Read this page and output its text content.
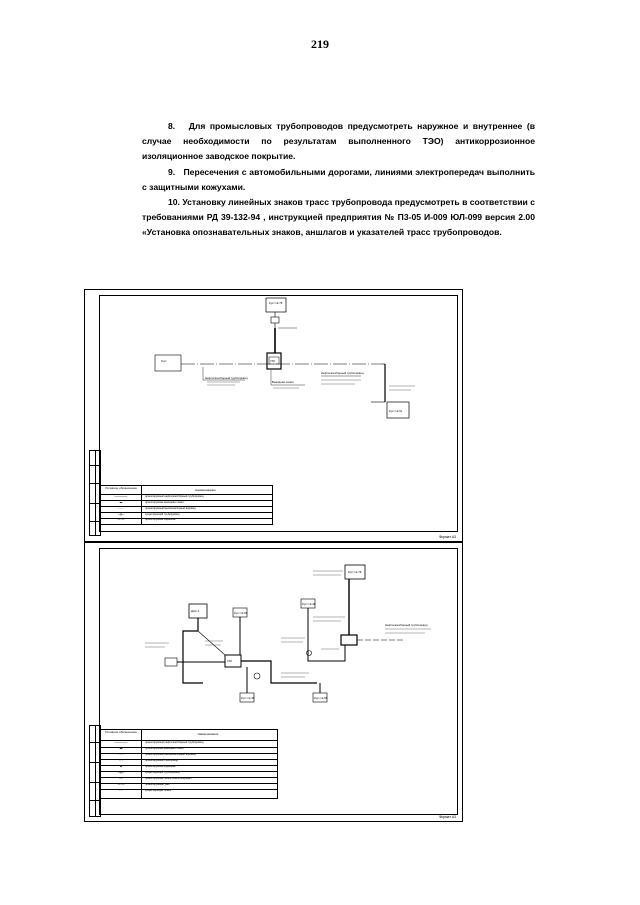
219

8.   Для промысловых трубопроводов предусмотреть наружное и внутреннее (в случае необходимости по результатам выполненного ТЭО) антикоррозионное изоляционное заводское покрытие.

9.   Пересечения с автомобильными дорогами, линиями электропередач выполнить с защитными кожухами.

10. Установку линейных знаков трасс трубопровода предусмотреть в соответствии с требованиями РД 39-132-94 , инструкцией предприятия № П3-05 И-009 ЮЛ-099 версия 2.00 «Установка опознавательных знаков, аншлагов и указателей трасс трубопроводов.

Куст № 78
УЗУ
Куст
Нефтегазосборный трубопровод
Выкидная линия
Нефтегазосборный трубопровод
Куст № 51
Условное обозначение	Наименование
—————	проектируемый нефтегазосборный трубопровод
▬	проектируемая выкидная линия
- - - -	проектируемый высоконапорный водовод
—∥—	существующий трубопровод
—○—	проектируемая задвижка
Формат А3
Куст № 78
Нефтегазосборный трубопровод
ДНС-1	Куст № 66
Куст № 48
Куст № 45	Куст № 56
УЗУ
Условное обозначение	Наименование
—————	проектируемый нефтегазосборный трубопровод
▬	проектируемая выкидная линия
- - - -	проектируемый высоконапорный водовод
- · -	проектируемый газопровод
⊗	проектируемая задвижка
—∥—	существующий трубопровод
-·-·-	проектируемая линия электропередач
—○—	проектируемый узел
- - -	существующая линия
Формат А3
